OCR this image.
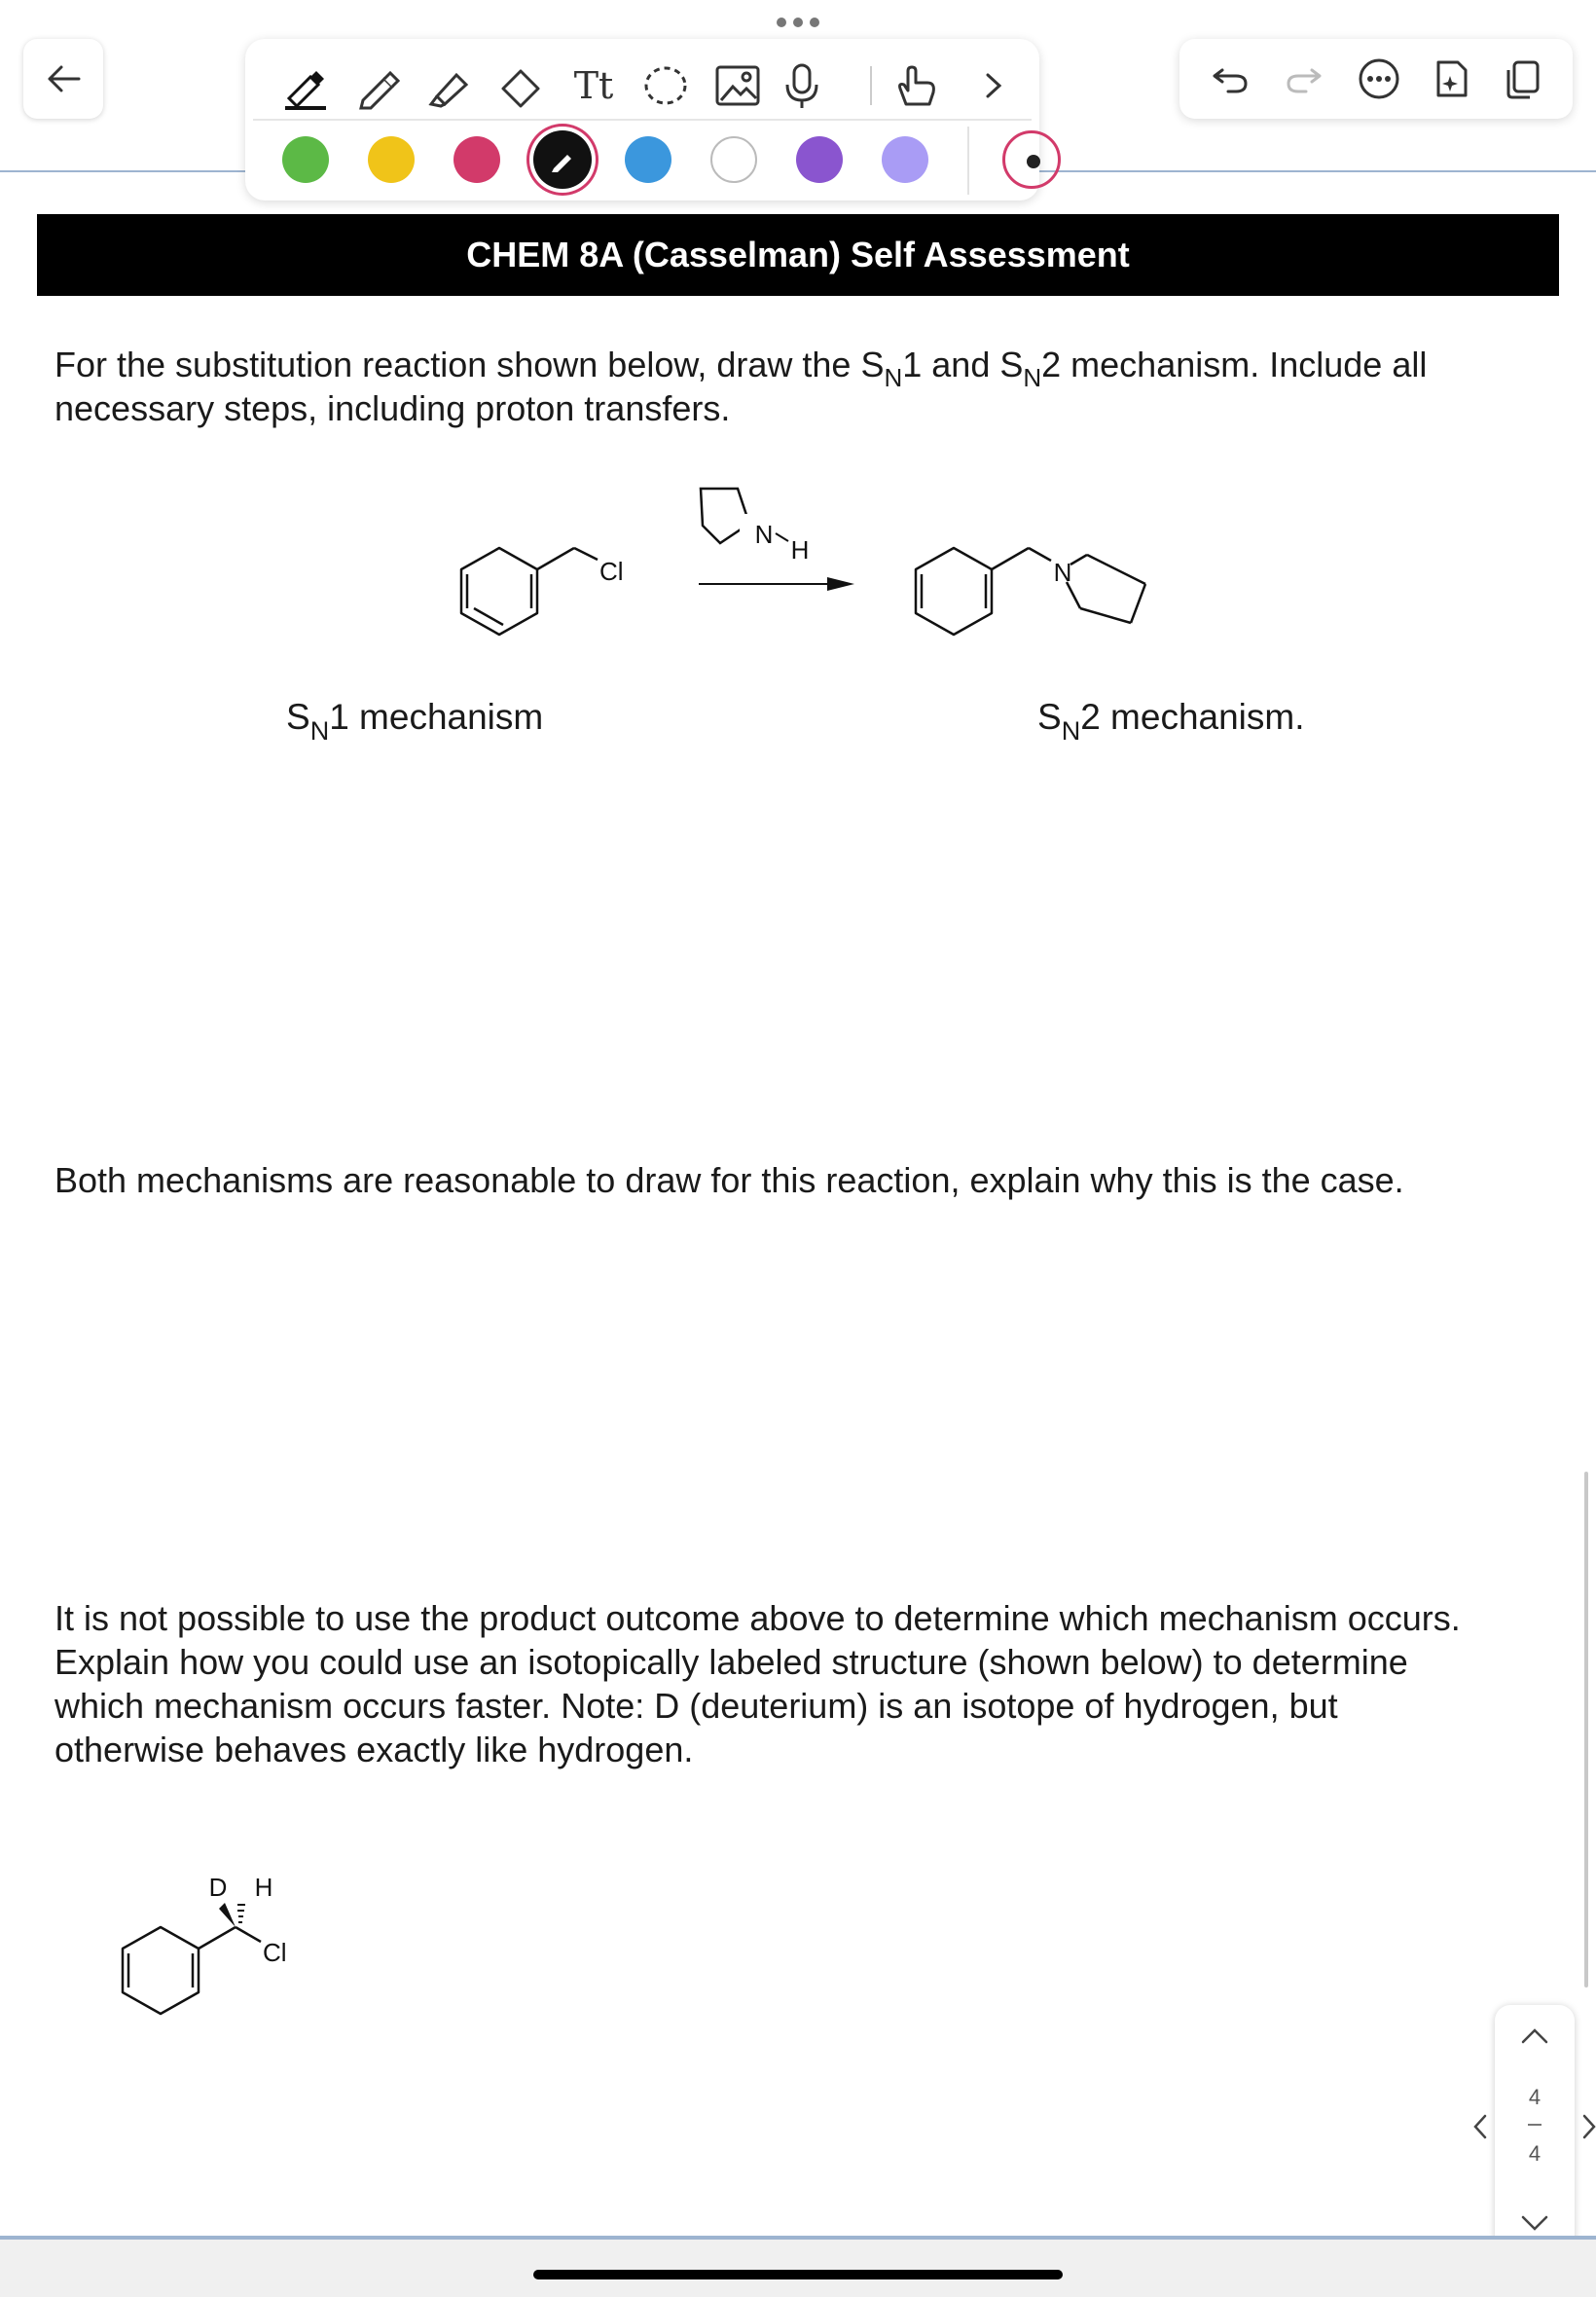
Tt
CHEM 8A (Casselman) Self Assessment
For the substitution reaction shown below, draw the $S_N1$ and $S_N2$ mechanism. Include all
necessary steps, including proton transfers.
Cl
N
H
N
$S_N1$ mechanism	$S_N2$ mechanism.
Both mechanisms are reasonable to draw for this reaction, explain why this is the case.
It is not possible to use the product outcome above to determine which mechanism occurs.
Explain how you could use an isotopically labeled structure (shown below) to determine
which mechanism occurs faster. Note: D (deuterium) is an isotope of hydrogen, but
otherwise behaves exactly like hydrogen.
D H
Cl
4
4
